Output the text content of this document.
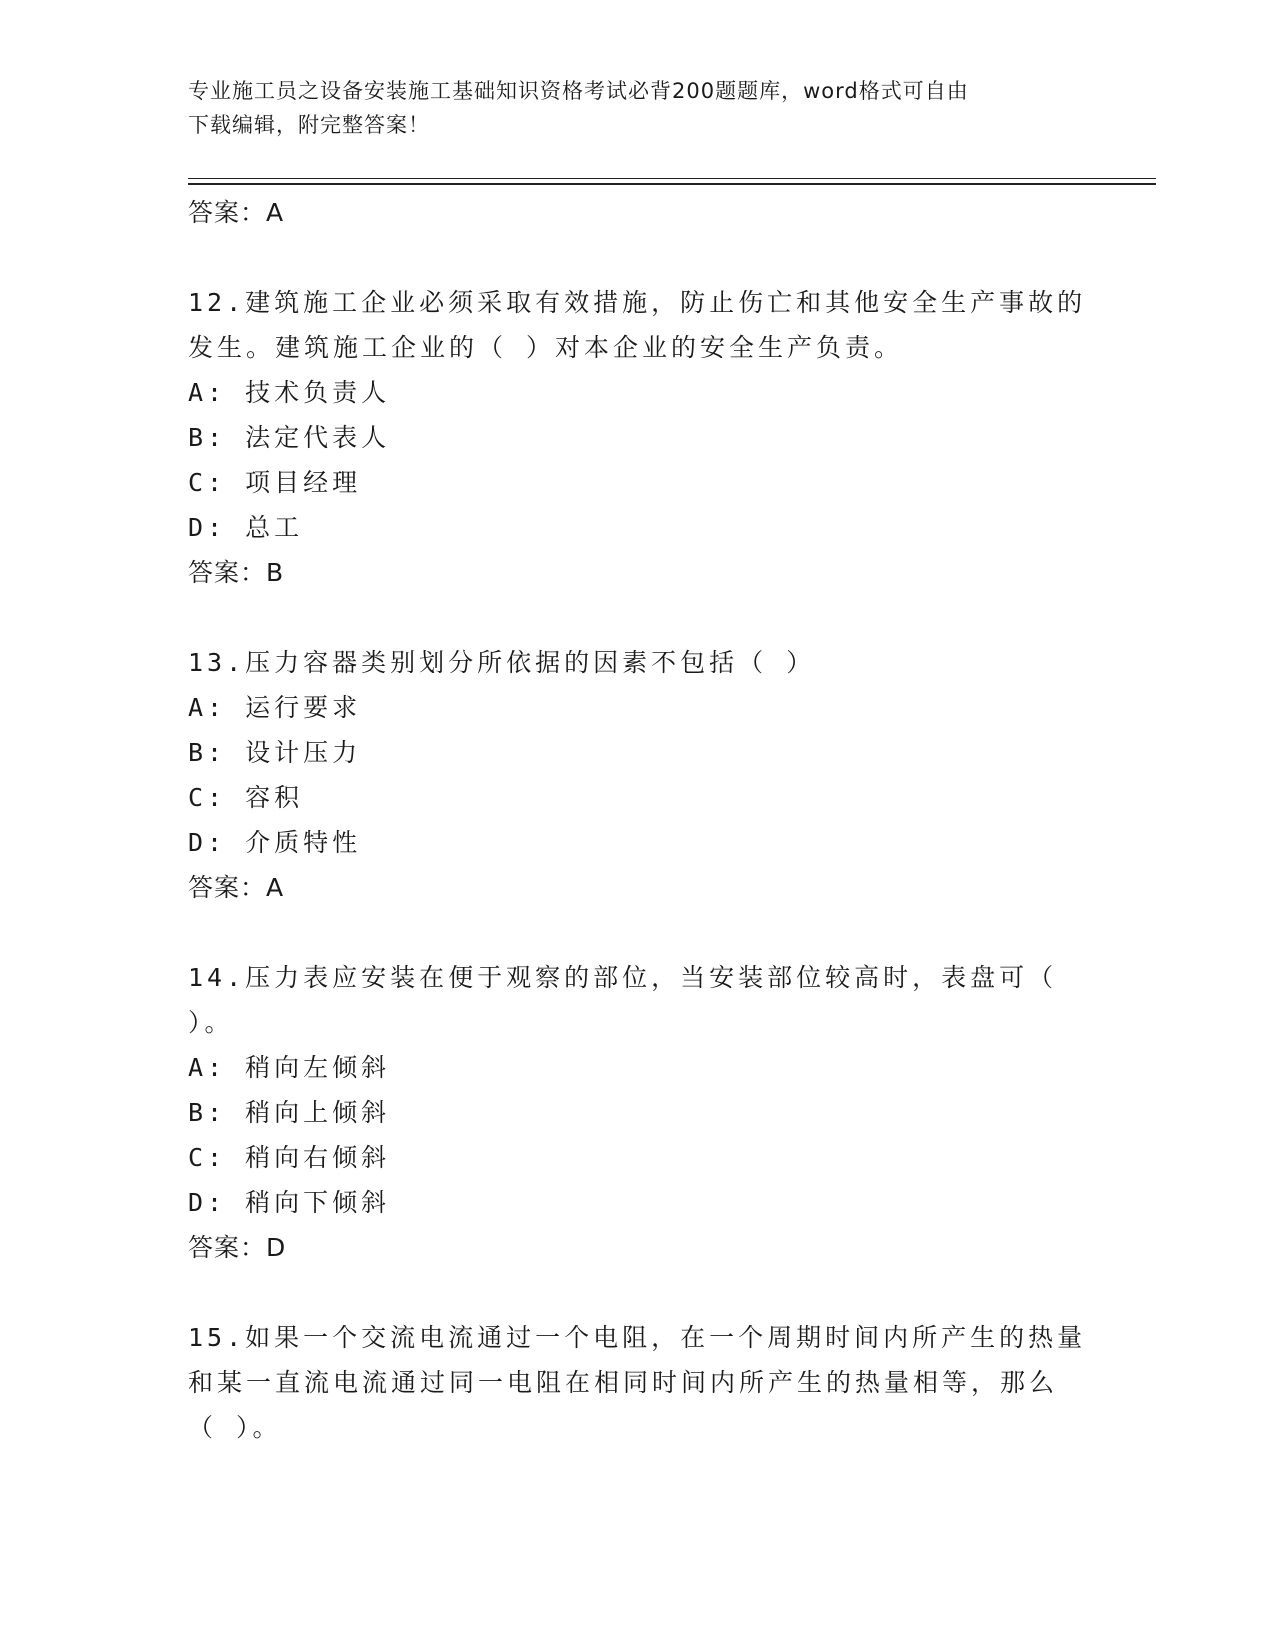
专业施工员之设备安装施工基础知识资格考试必背200题题库，word格式可自由
下载编辑，附完整答案！
答案：A
12.建筑施工企业必须采取有效措施，防止伤亡和其他安全生产事故的
发生。建筑施工企业的（ ）对本企业的安全生产负责。
A: 技术负责人
B: 法定代表人
C: 项目经理
D: 总工
答案：B
13.压力容器类别划分所依据的因素不包括（ ）
A: 运行要求
B: 设计压力
C: 容积
D: 介质特性
答案：A
14.压力表应安装在便于观察的部位，当安装部位较高时，表盘可（
）。
A: 稍向左倾斜
B: 稍向上倾斜
C: 稍向右倾斜
D: 稍向下倾斜
答案：D
15.如果一个交流电流通过一个电阻，在一个周期时间内所产生的热量
和某一直流电流通过同一电阻在相同时间内所产生的热量相等，那么
（ ）。
